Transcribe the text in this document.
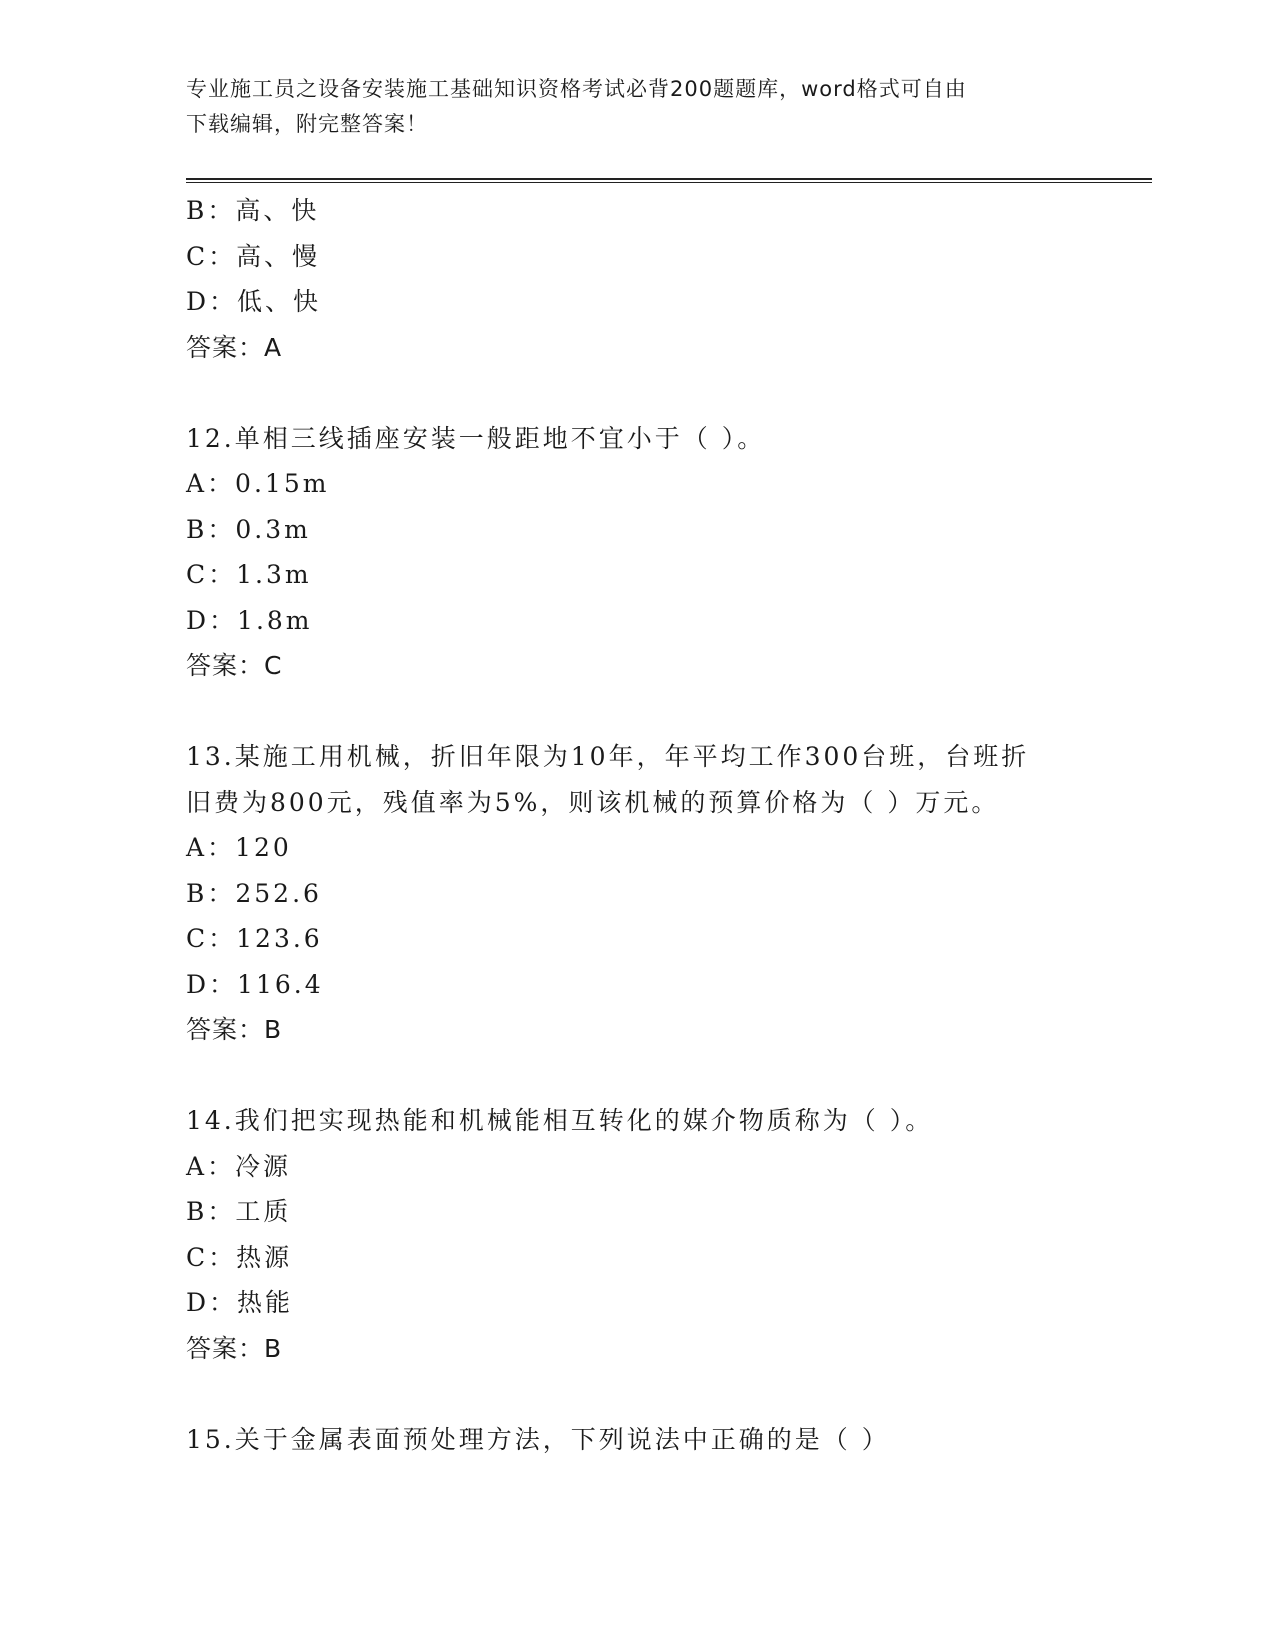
专业施工员之设备安装施工基础知识资格考试必背200题题库，word格式可自由
下载编辑，附完整答案！
B：高、快
C：高、慢
D：低、快
答案：A
12.单相三线插座安装一般距地不宜小于（ ）。
A：0.15m
B：0.3m
C：1.3m
D：1.8m
答案：C
13.某施工用机械，折旧年限为10年，年平均工作300台班，台班折
旧费为800元，残值率为5%，则该机械的预算价格为（ ）万元。
A：120
B：252.6
C：123.6
D：116.4
答案：B
14.我们把实现热能和机械能相互转化的媒介物质称为（ ）。
A：冷源
B：工质
C：热源
D：热能
答案：B
15.关于金属表面预处理方法，下列说法中正确的是（ ）
